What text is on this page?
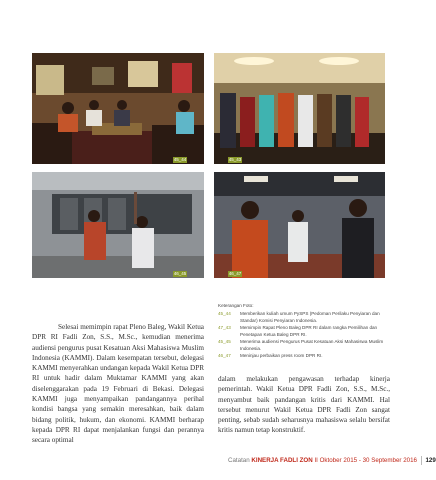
45_44	45_43
46_45	46_47
Keterangan Foto:
45_44	Memberikan kuliah umum PySPS (Pedoman Perilaku Penyiaran dan Standar) Komisi Penyiaran Indonesia.
47_43	Memimpin Rapat Pleno Baleg DPR RI dalam rangka Pemilihan dan Penetapan Ketua Baleg DPR RI.
45_45	Menerima audiensi Pengurus Pusat Kesatuan Aksi Mahasiswa Muslim Indonesia.
46_47	Meninjau perbaikan press room DPR RI.

Selesai memimpin rapat Pleno Baleg, Wakil Ketua DPR RI Fadli Zon, S.S., M.Sc., kemudian menerima audiensi pengurus pusat Kesatuan Aksi Mahasiswa Muslim Indonesia (KAMMI). Dalam kesempatan tersebut, delegasi KAMMI menyerahkan undangan kepada Wakil Ketua DPR RI untuk hadir dalam Muktamar KAMMI yang akan diselenggarakan pada 19 Februari di Bekasi. Delegasi KAMMI juga menyampaikan pandangannya perihal kondisi bangsa yang semakin meresahkan, baik dalam bidang politik, hukum, dan ekonomi. KAMMI berharap kepada DPR RI dapat menjalankan fungsi dan perannya secara optimal

dalam melakukan pengawasan terhadap kinerja pemerintah. Wakil Ketua DPR Fadli Zon, S.S., M.Sc., menyambut baik pandangan kritis dari KAMMI. Hal tersebut menurut Wakil Ketua DPR Fadli Zon sangat penting, sebab sudah seharusnya mahasiswa selalu bersifat kritis namun tetap konstruktif.

Catatan KINERJA FADLI ZON II Oktober 2015 - 30 September 2016 129
